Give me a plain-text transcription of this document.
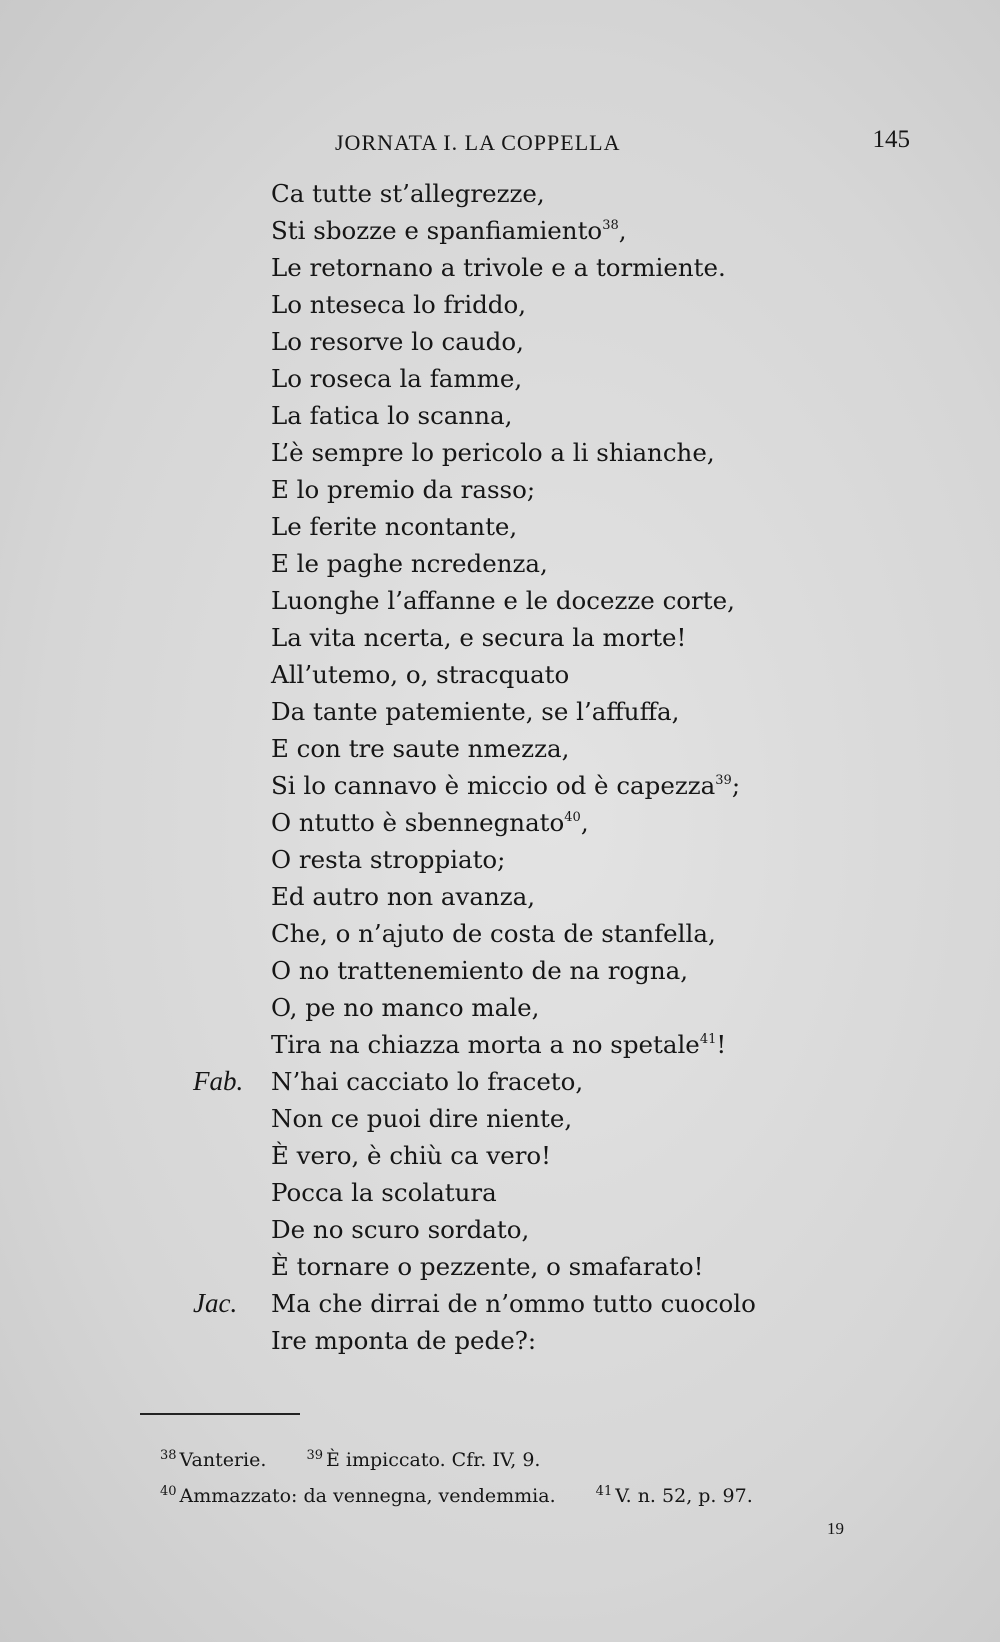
JORNATA I. LA COPPELLA	145
Ca tutte st’allegrezze,
Sti sbozze e spanfiamiento$^{38}$,
Le retornano a trivole e a tormiente.
Lo nteseca lo friddo,
Lo resorve lo caudo,
Lo roseca la famme,
La fatica lo scanna,
L’è sempre lo pericolo a li shianche,
E lo premio da rasso;
Le ferite ncontante,
E le paghe ncredenza,
Luonghe l’affanne e le docezze corte,
La vita ncerta, e secura la morte!
All’utemo, o, stracquato
Da tante patemiente, se l’affuffa,
E con tre saute nmezza,
Si lo cannavo è miccio od è capezza$^{39}$;
O ntutto è sbennegnato$^{40}$,
O resta stroppiato;
Ed autro non avanza,
Che, o n’ajuto de costa de stanfella,
O no trattenemiento de na rogna,
O, pe no manco male,
Tira na chiazza morta a no spetale$^{41}$!
Fab. N’hai cacciato lo fraceto,
Non ce puoi dire niente,
È vero, è chiù ca vero!
Pocca la scolatura
De no scuro sordato,
È tornare o pezzente, o smafarato!
Jac. Ma che dirrai de n’ommo tutto cuocolo
Ire mponta de pede?:
$^{38}$ Vanterie.	$^{39}$ È impiccato. Cfr. IV, 9.
$^{40}$ Ammazzato: da vennegna, vendemmia.	$^{41}$ V. n. 52, p. 97.
19
